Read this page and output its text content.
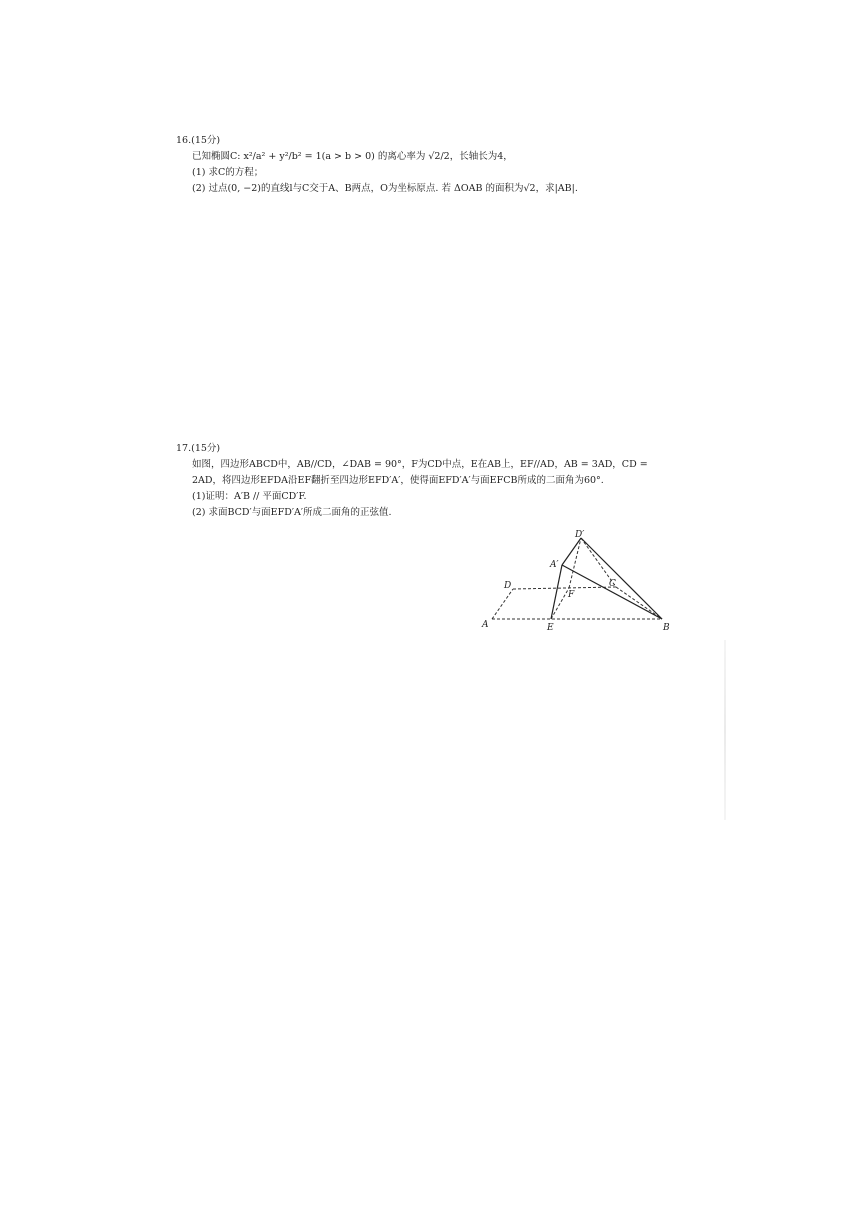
16.(15分)
已知椭圆C: x²/a² + y²/b² = 1(a > b > 0) 的离心率为 √2/2，长轴长为4，
(1) 求C的方程；
(2) 过点(0, −2)的直线l与C交于A、B两点，O为坐标原点. 若 ΔOAB 的面积为√2，求|AB|.
17.(15分)
如图，四边形ABCD中，AB//CD，∠DAB = 90°，F为CD中点，E在AB上，EF//AD，AB = 3AD，CD =
2AD，将四边形EFDA沿EF翻折至四边形EFD′A′，使得面EFD′A′与面EFCB所成的二面角为60°.
(1)证明：A′B // 平面CD′F.
(2) 求面BCD′与面EFD′A′所成二面角的正弦值.
D′
A′
D
F
C
A	E	B
